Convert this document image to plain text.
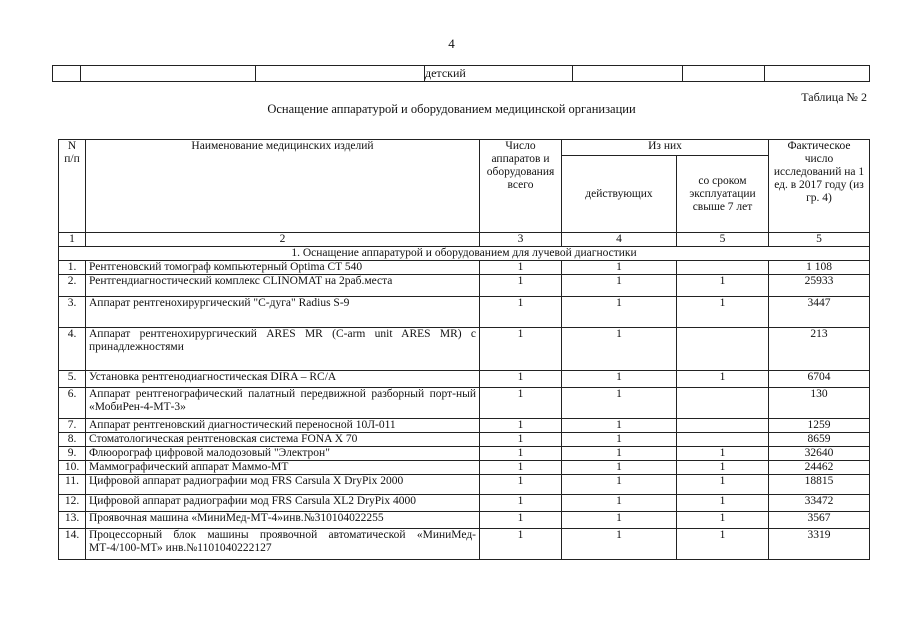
4
			детский			
Таблица № 2
Оснащение аппаратурой и оборудованием медицинской организации
N п/п	Наименование медицинских изделий	Число аппаратов и оборудования всего	Из них		Фактическое число исследований на 1 ед. в 2017 году (из гр. 4)
			действующих	со сроком эксплуатации свыше 7 лет	
1	2	3	4	5	5
1. Оснащение аппаратурой и оборудованием для лучевой диагностики					
1.	Рентгеновский томограф компьютерный Optima CT 540	1	1		1 108
2.	Рентгендиагностический комплекс CLINOMAT на 2раб.места	1	1	1	25933
3.	Аппарат рентгенохирургический "С-дуга" Radius S-9	1	1	1	3447
4.	Аппарат рентгенохирургический ARES MR (C-arm unit ARES MR) с принадлежностями	1	1		213
5.	Установка рентгенодиагностическая DIRA – RC/A	1	1	1	6704
6.	Аппарат рентгенографический палатный передвижной разборный порт-ный «МобиРен-4-МТ-3»	1	1		130
7.	Аппарат рентгеновский диагностический переносной 10Л-011	1	1		1259
8.	Стоматологическая рентгеновская система FONA X 70	1	1		8659
9.	Флюорограф цифровой малодозовый "Электрон"	1	1	1	32640
10.	Маммографический аппарат Маммо-МТ	1	1	1	24462
11.	Цифровой аппарат радиографии мод FRS Carsula X DryPix 2000	1	1	1	18815
12.	Цифровой аппарат радиографии мод FRS Carsula XL2 DryPix 4000	1	1	1	33472
13.	Проявочная машина «МиниМед-МТ-4»инв.№310104022255	1	1	1	3567
14.	Процессорный блок машины проявочной автоматической «МиниМед-МТ-4/100-МТ» инв.№1101040222127	1	1	1	3319
